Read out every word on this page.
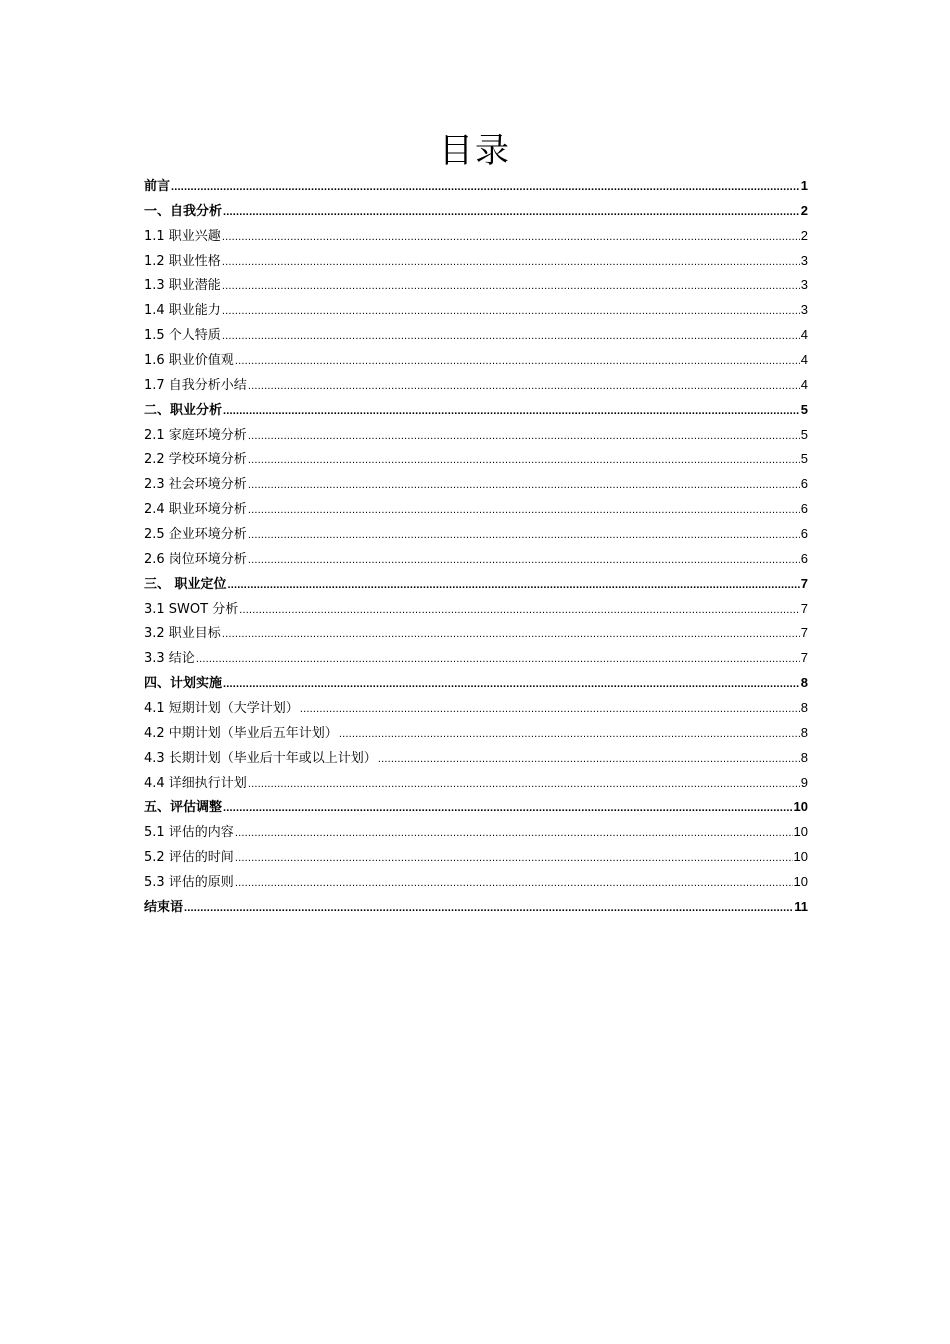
目录
前言 .....	1
一、自我分析 .....	2
1.1 职业兴趣 .....	2
1.2 职业性格 .....	3
1.3 职业潜能 .....	3
1.4 职业能力 .....	3
1.5 个人特质 .....	4
1.6 职业价值观 .....	4
1.7 自我分析小结 .....	4
二、职业分析 .....	5
2.1 家庭环境分析 .....	5
2.2 学校环境分析 .....	5
2.3 社会环境分析 .....	6
2.4 职业环境分析 .....	6
2.5 企业环境分析 .....	6
2.6 岗位环境分析 .....	6
三、 职业定位 .....	7
3.1 SWOT 分析 .....	7
3.2 职业目标 .....	7
3.3 结论 .....	7
四、计划实施 .....	8
4.1 短期计划（大学计划） .....	8
4.2 中期计划（毕业后五年计划） .....	8
4.3 长期计划（毕业后十年或以上计划） .....	8
4.4 详细执行计划 .....	9
五、评估调整 .....	10
5.1 评估的内容 .....	10
5.2 评估的时间 .....	10
5.3 评估的原则 .....	10
结束语 .....	11
